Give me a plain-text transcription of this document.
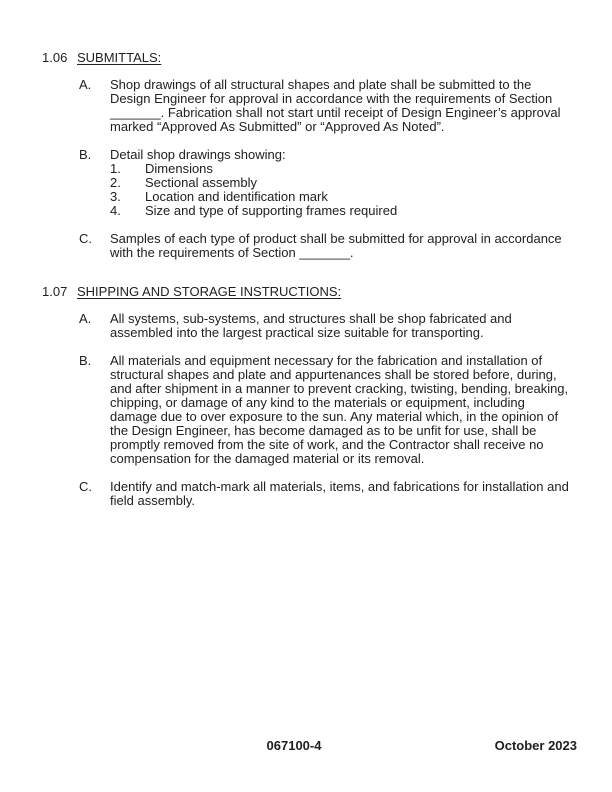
1.06 SUBMITTALS:
A.	Shop drawings of all structural shapes and plate shall be submitted to the Design Engineer for approval in accordance with the requirements of Section _______. Fabrication shall not start until receipt of Design Engineer’s approval marked “Approved As Submitted” or “Approved As Noted”.
B.	Detail shop drawings showing:
1.	Dimensions
2.	Sectional assembly
3.	Location and identification mark
4.	Size and type of supporting frames required
C.	Samples of each type of product shall be submitted for approval in accordance with the requirements of Section _______.
1.07 SHIPPING AND STORAGE INSTRUCTIONS:
A.	All systems, sub-systems, and structures shall be shop fabricated and assembled into the largest practical size suitable for transporting.
B.	All materials and equipment necessary for the fabrication and installation of structural shapes and plate and appurtenances shall be stored before, during, and after shipment in a manner to prevent cracking, twisting, bending, breaking, chipping, or damage of any kind to the materials or equipment, including damage due to over exposure to the sun. Any material which, in the opinion of the Design Engineer, has become damaged as to be unfit for use, shall be promptly removed from the site of work, and the Contractor shall receive no compensation for the damaged material or its removal.
C.	Identify and match-mark all materials, items, and fabrications for installation and field assembly.
067100-4	October 2023
